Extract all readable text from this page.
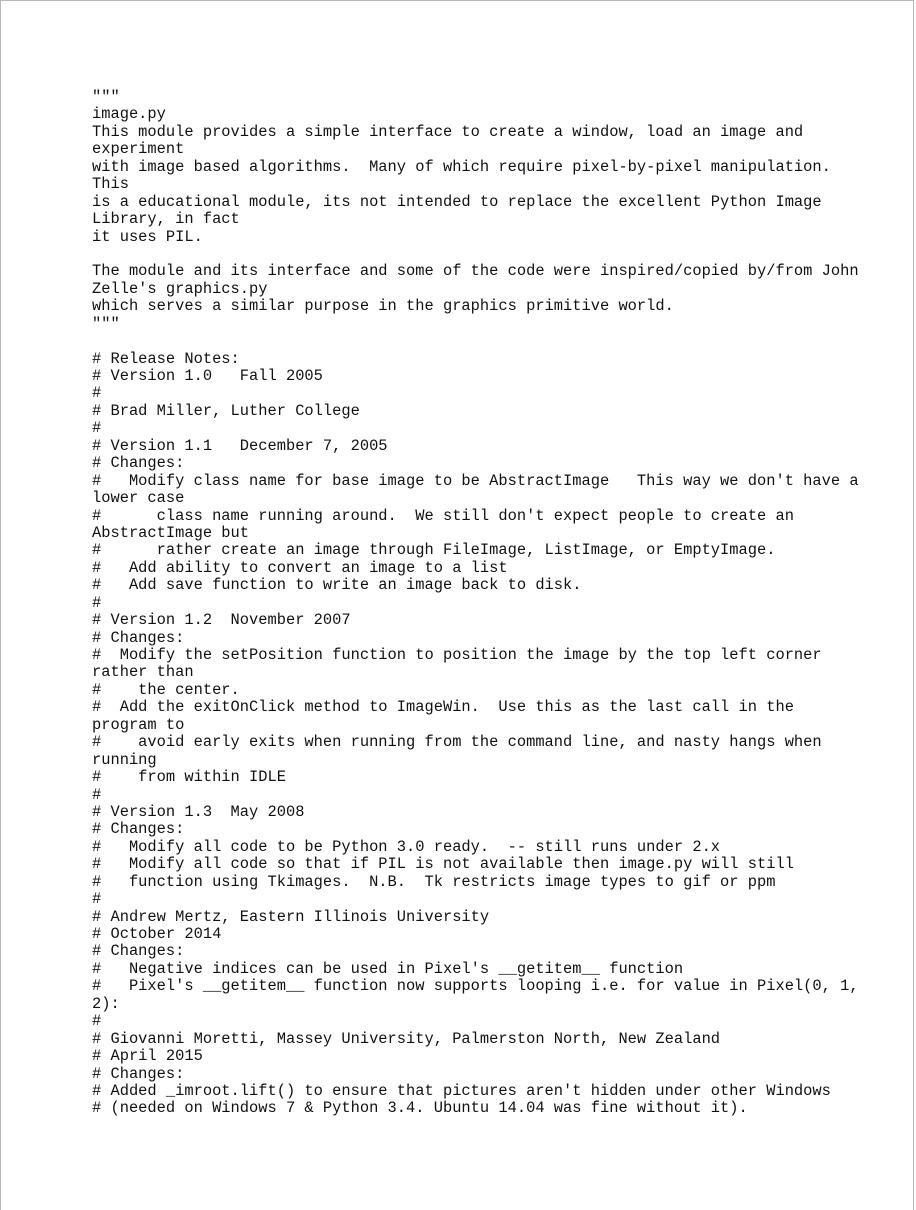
"""
image.py
This module provides a simple interface to create a window, load an image and
experiment
with image based algorithms.  Many of which require pixel-by-pixel manipulation.
This
is a educational module, its not intended to replace the excellent Python Image
Library, in fact
it uses PIL.
The module and its interface and some of the code were inspired/copied by/from John
Zelle's graphics.py
which serves a similar purpose in the graphics primitive world.
"""
# Release Notes:
# Version 1.0   Fall 2005
#
# Brad Miller, Luther College
#
# Version 1.1   December 7, 2005
# Changes:
#   Modify class name for base image to be AbstractImage   This way we don't have a
lower case
#      class name running around.  We still don't expect people to create an
AbstractImage but
#      rather create an image through FileImage, ListImage, or EmptyImage.
#   Add ability to convert an image to a list
#   Add save function to write an image back to disk.
#
# Version 1.2  November 2007
# Changes:
#  Modify the setPosition function to position the image by the top left corner
rather than
#    the center.
#  Add the exitOnClick method to ImageWin.  Use this as the last call in the
program to
#    avoid early exits when running from the command line, and nasty hangs when
running
#    from within IDLE
#
# Version 1.3  May 2008
# Changes:
#   Modify all code to be Python 3.0 ready.  -- still runs under 2.x
#   Modify all code so that if PIL is not available then image.py will still
#   function using Tkimages.  N.B.  Tk restricts image types to gif or ppm
#
# Andrew Mertz, Eastern Illinois University
# October 2014
# Changes:
#   Negative indices can be used in Pixel's __getitem__ function
#   Pixel's __getitem__ function now supports looping i.e. for value in Pixel(0, 1,
2):
#
# Giovanni Moretti, Massey University, Palmerston North, New Zealand
# April 2015
# Changes:
# Added _imroot.lift() to ensure that pictures aren't hidden under other Windows
# (needed on Windows 7 & Python 3.4. Ubuntu 14.04 was fine without it).
